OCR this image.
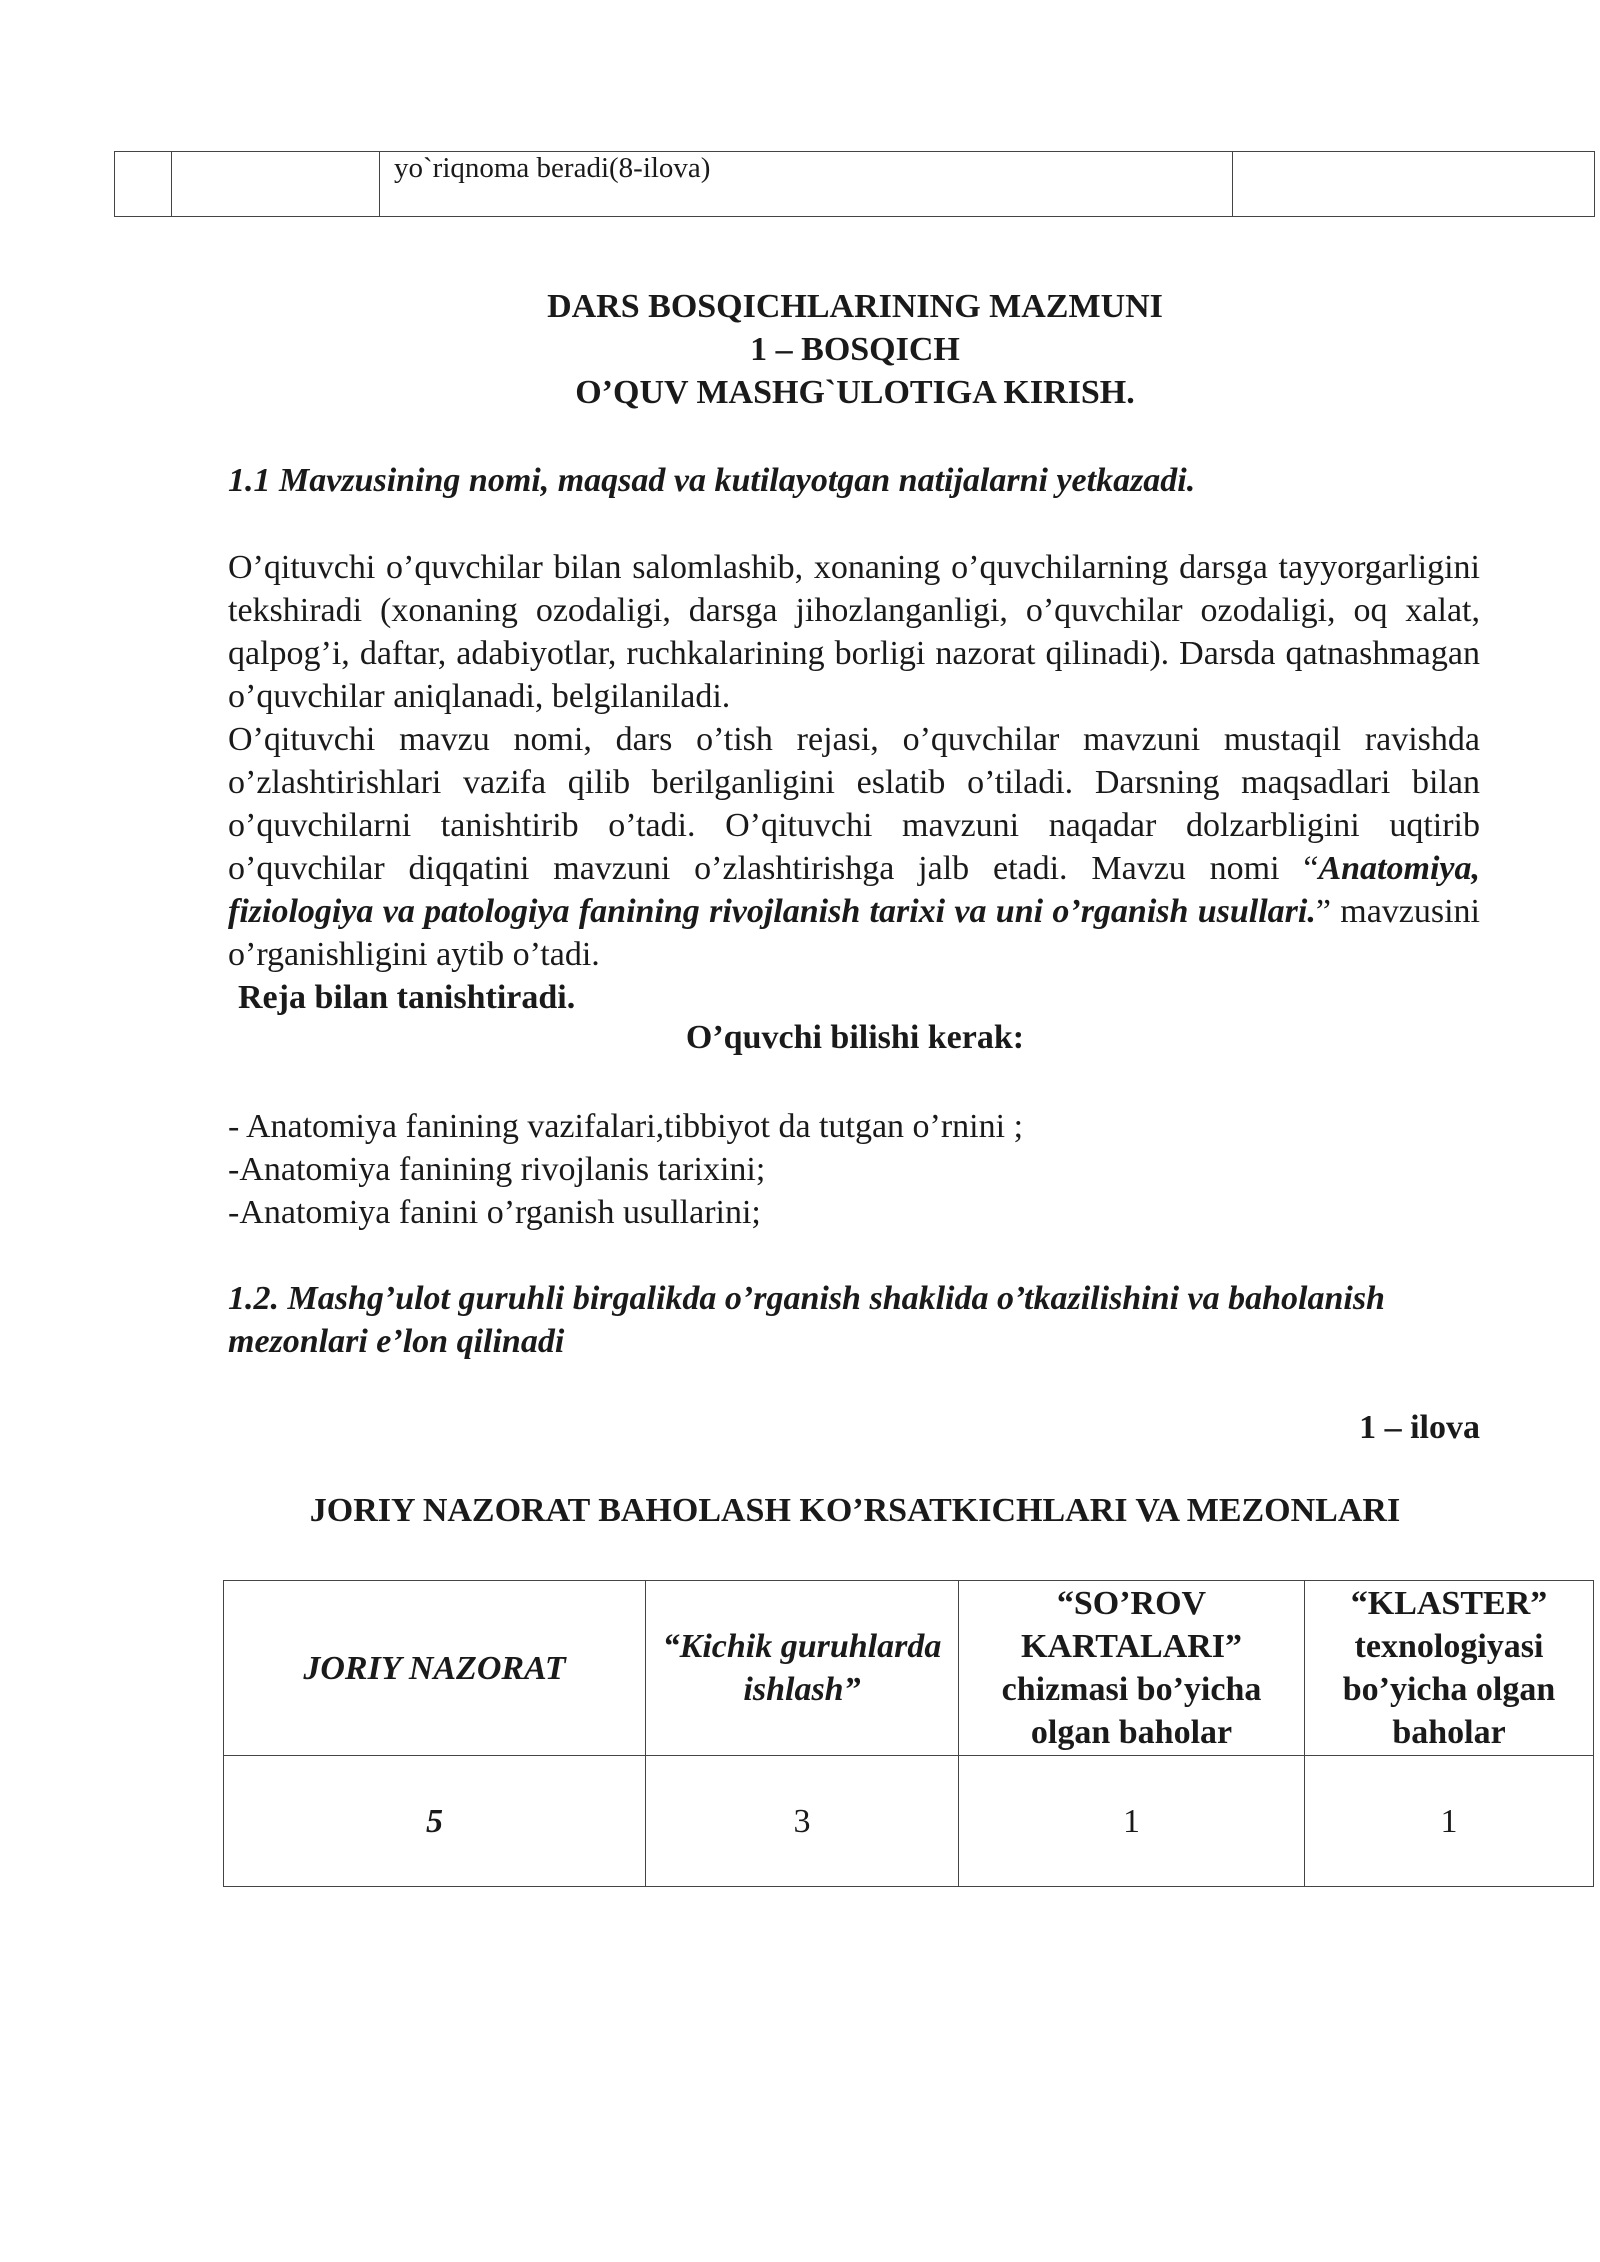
		yo`riqnoma beradi(8-ilova)	
DARS BOSQICHLARINING MAZMUNI
1 – BOSQICH
O’QUV MASHG`ULOTIGA KIRISH.
1.1 Mavzusining nomi, maqsad va kutilayotgan natijalarni yetkazadi.
O’qituvchi o’quvchilar bilan salomlashib, xonaning o’quvchilarning darsga tayyorgarligini tekshiradi (xonaning ozodaligi, darsga jihozlanganligi, o’quvchilar ozodaligi, oq xalat, qalpog’i, daftar, adabiyotlar, ruchkalarining borligi nazorat qilinadi). Darsda qatnashmagan o’quvchilar aniqlanadi, belgilaniladi.
O’qituvchi mavzu nomi, dars o’tish rejasi, o’quvchilar mavzuni mustaqil ravishda o’zlashtirishlari vazifa qilib berilganligini eslatib o’tiladi. Darsning maqsadlari bilan o’quvchilarni tanishtirib o’tadi. O’qituvchi mavzuni naqadar dolzarbligini uqtirib o’quvchilar diqqatini mavzuni o’zlashtirishga jalb etadi. Mavzu nomi “Anatomiya, fiziologiya va patologiya fanining rivojlanish tarixi va uni o’rganish usullari.” mavzusini o’rganishligini aytib o’tadi.
Reja bilan tanishtiradi.
O’quvchi bilishi kerak:
- Anatomiya fanining vazifalari,tibbiyot da tutgan o’rnini ;
-Anatomiya fanining rivojlanis tarixini;
-Anatomiya fanini o’rganish usullarini;
1.2. Mashg’ulot guruhli birgalikda o’rganish shaklida o’tkazilishini va baholanish mezonlari e’lon qilinadi
1 – ilova
JORIY NAZORAT BAHOLASH KO’RSATKICHLARI VA MEZONLARI
JORIY NAZORAT	“Kichik guruhlarda ishlash”	“SO’ROV KARTALARI” chizmasi bo’yicha olgan baholar	“KLASTER” texnologiyasi bo’yicha olgan baholar
5	3	1	1
